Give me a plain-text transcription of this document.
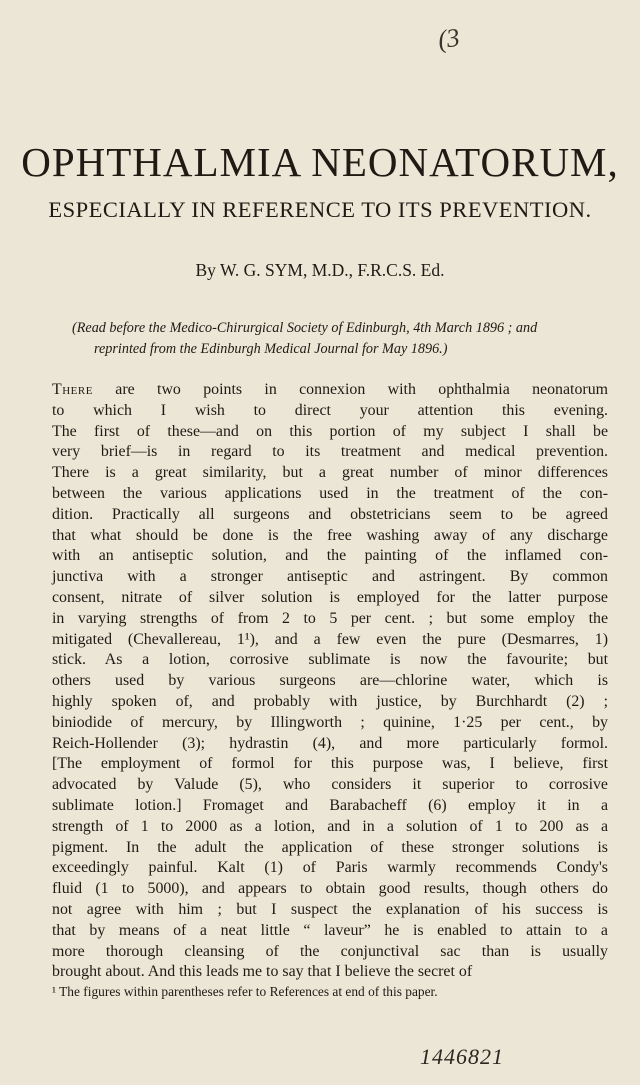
(3
OPHTHALMIA NEONATORUM,
ESPECIALLY IN REFERENCE TO ITS PREVENTION.
By W. G. SYM, M.D., F.R.C.S. Ed.
(Read before the Medico-Chirurgical Society of Edinburgh, 4th March 1896 ; and
reprinted from the Edinburgh Medical Journal for May 1896.)
There are two points in connexion with ophthalmia neonatorum
to which I wish to direct your attention this evening.
The first of these—and on this portion of my subject I shall be
very brief—is in regard to its treatment and medical prevention.
There is a great similarity, but a great number of minor differences
between the various applications used in the treatment of the con-
dition. Practically all surgeons and obstetricians seem to be agreed
that what should be done is the free washing away of any discharge
with an antiseptic solution, and the painting of the inflamed con-
junctiva with a stronger antiseptic and astringent. By common
consent, nitrate of silver solution is employed for the latter purpose
in varying strengths of from 2 to 5 per cent. ; but some employ the
mitigated (Chevallereau, 1¹), and a few even the pure (Desmarres, 1)
stick. As a lotion, corrosive sublimate is now the favourite; but
others used by various surgeons are—chlorine water, which is
highly spoken of, and probably with justice, by Burchhardt (2) ;
biniodide of mercury, by Illingworth ; quinine, 1·25 per cent., by
Reich-Hollender (3); hydrastin (4), and more particularly formol.
[The employment of formol for this purpose was, I believe, first
advocated by Valude (5), who considers it superior to corrosive
sublimate lotion.] Fromaget and Barabacheff (6) employ it in a
strength of 1 to 2000 as a lotion, and in a solution of 1 to 200 as a
pigment. In the adult the application of these stronger solutions is
exceedingly painful. Kalt (1) of Paris warmly recommends Condy's
fluid (1 to 5000), and appears to obtain good results, though others do
not agree with him ; but I suspect the explanation of his success is
that by means of a neat little “ laveur” he is enabled to attain to a
more thorough cleansing of the conjunctival sac than is usually
brought about. And this leads me to say that I believe the secret of
¹ The figures within parentheses refer to References at end of this paper.
1446821
